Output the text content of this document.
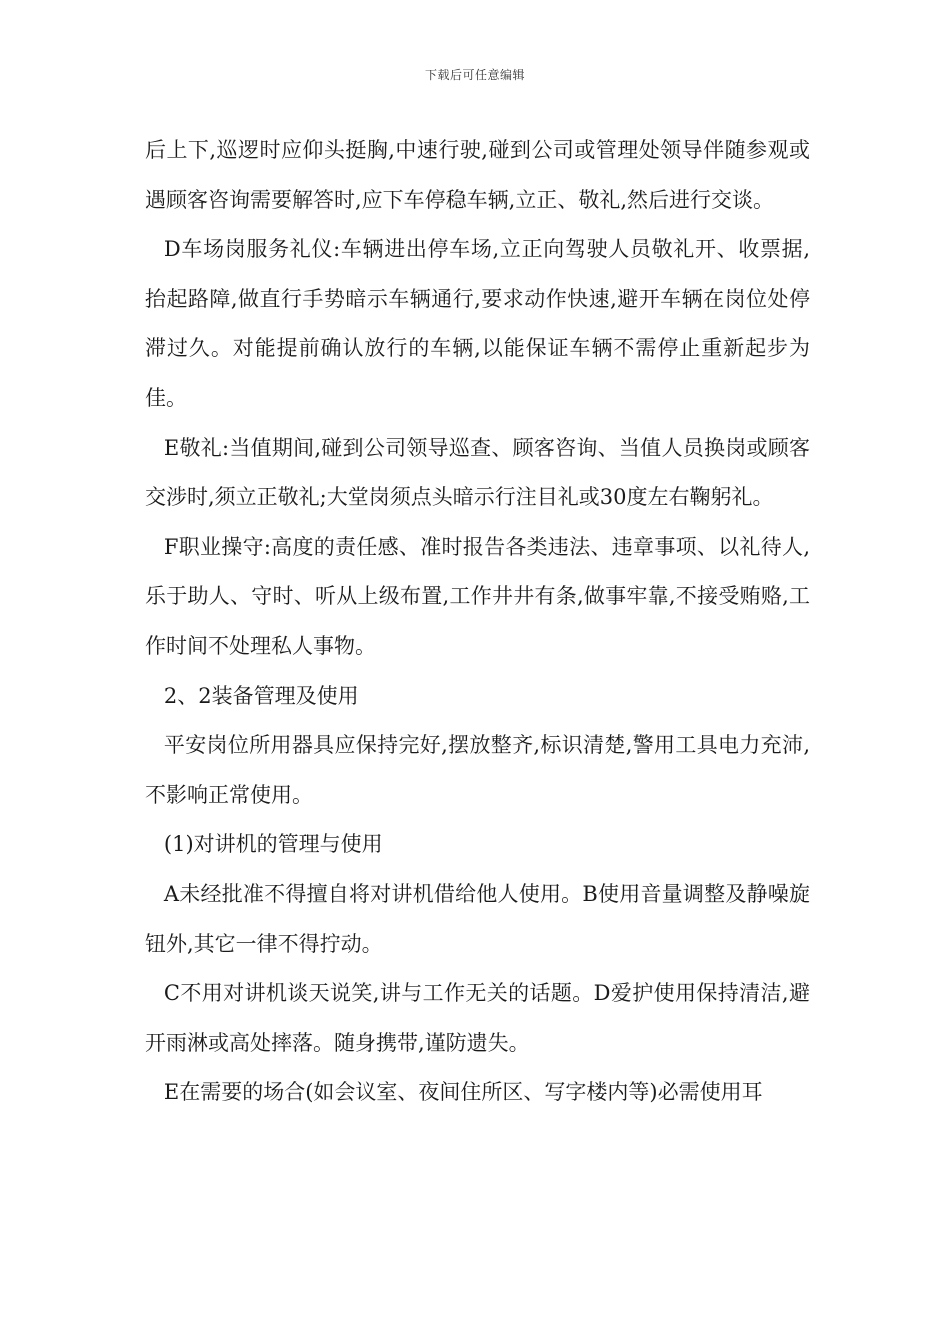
下载后可任意编辑

后上下,巡逻时应仰头挺胸,中速行驶,碰到公司或管理处领导伴随参观或遇顾客咨询需要解答时,应下车停稳车辆,立正、敬礼,然后进行交谈。

D车场岗服务礼仪:车辆进出停车场,立正向驾驶人员敬礼开、收票据,抬起路障,做直行手势暗示车辆通行,要求动作快速,避开车辆在岗位处停滞过久。对能提前确认放行的车辆,以能保证车辆不需停止重新起步为佳。

E敬礼:当值期间,碰到公司领导巡查、顾客咨询、当值人员换岗或顾客交涉时,须立正敬礼;大堂岗须点头暗示行注目礼或30度左右鞠躬礼。

F职业操守:高度的责任感、准时报告各类违法、违章事项、以礼待人,乐于助人、守时、听从上级布置,工作井井有条,做事牢靠,不接受贿赂,工作时间不处理私人事物。

2、2装备管理及使用

平安岗位所用器具应保持完好,摆放整齐,标识清楚,警用工具电力充沛,不影响正常使用。

(1)对讲机的管理与使用

A未经批准不得擅自将对讲机借给他人使用。B使用音量调整及静噪旋钮外,其它一律不得拧动。

C不用对讲机谈天说笑,讲与工作无关的话题。D爱护使用保持清洁,避开雨淋或高处摔落。随身携带,谨防遗失。

E在需要的场合(如会议室、夜间住所区、写字楼内等)必需使用耳
